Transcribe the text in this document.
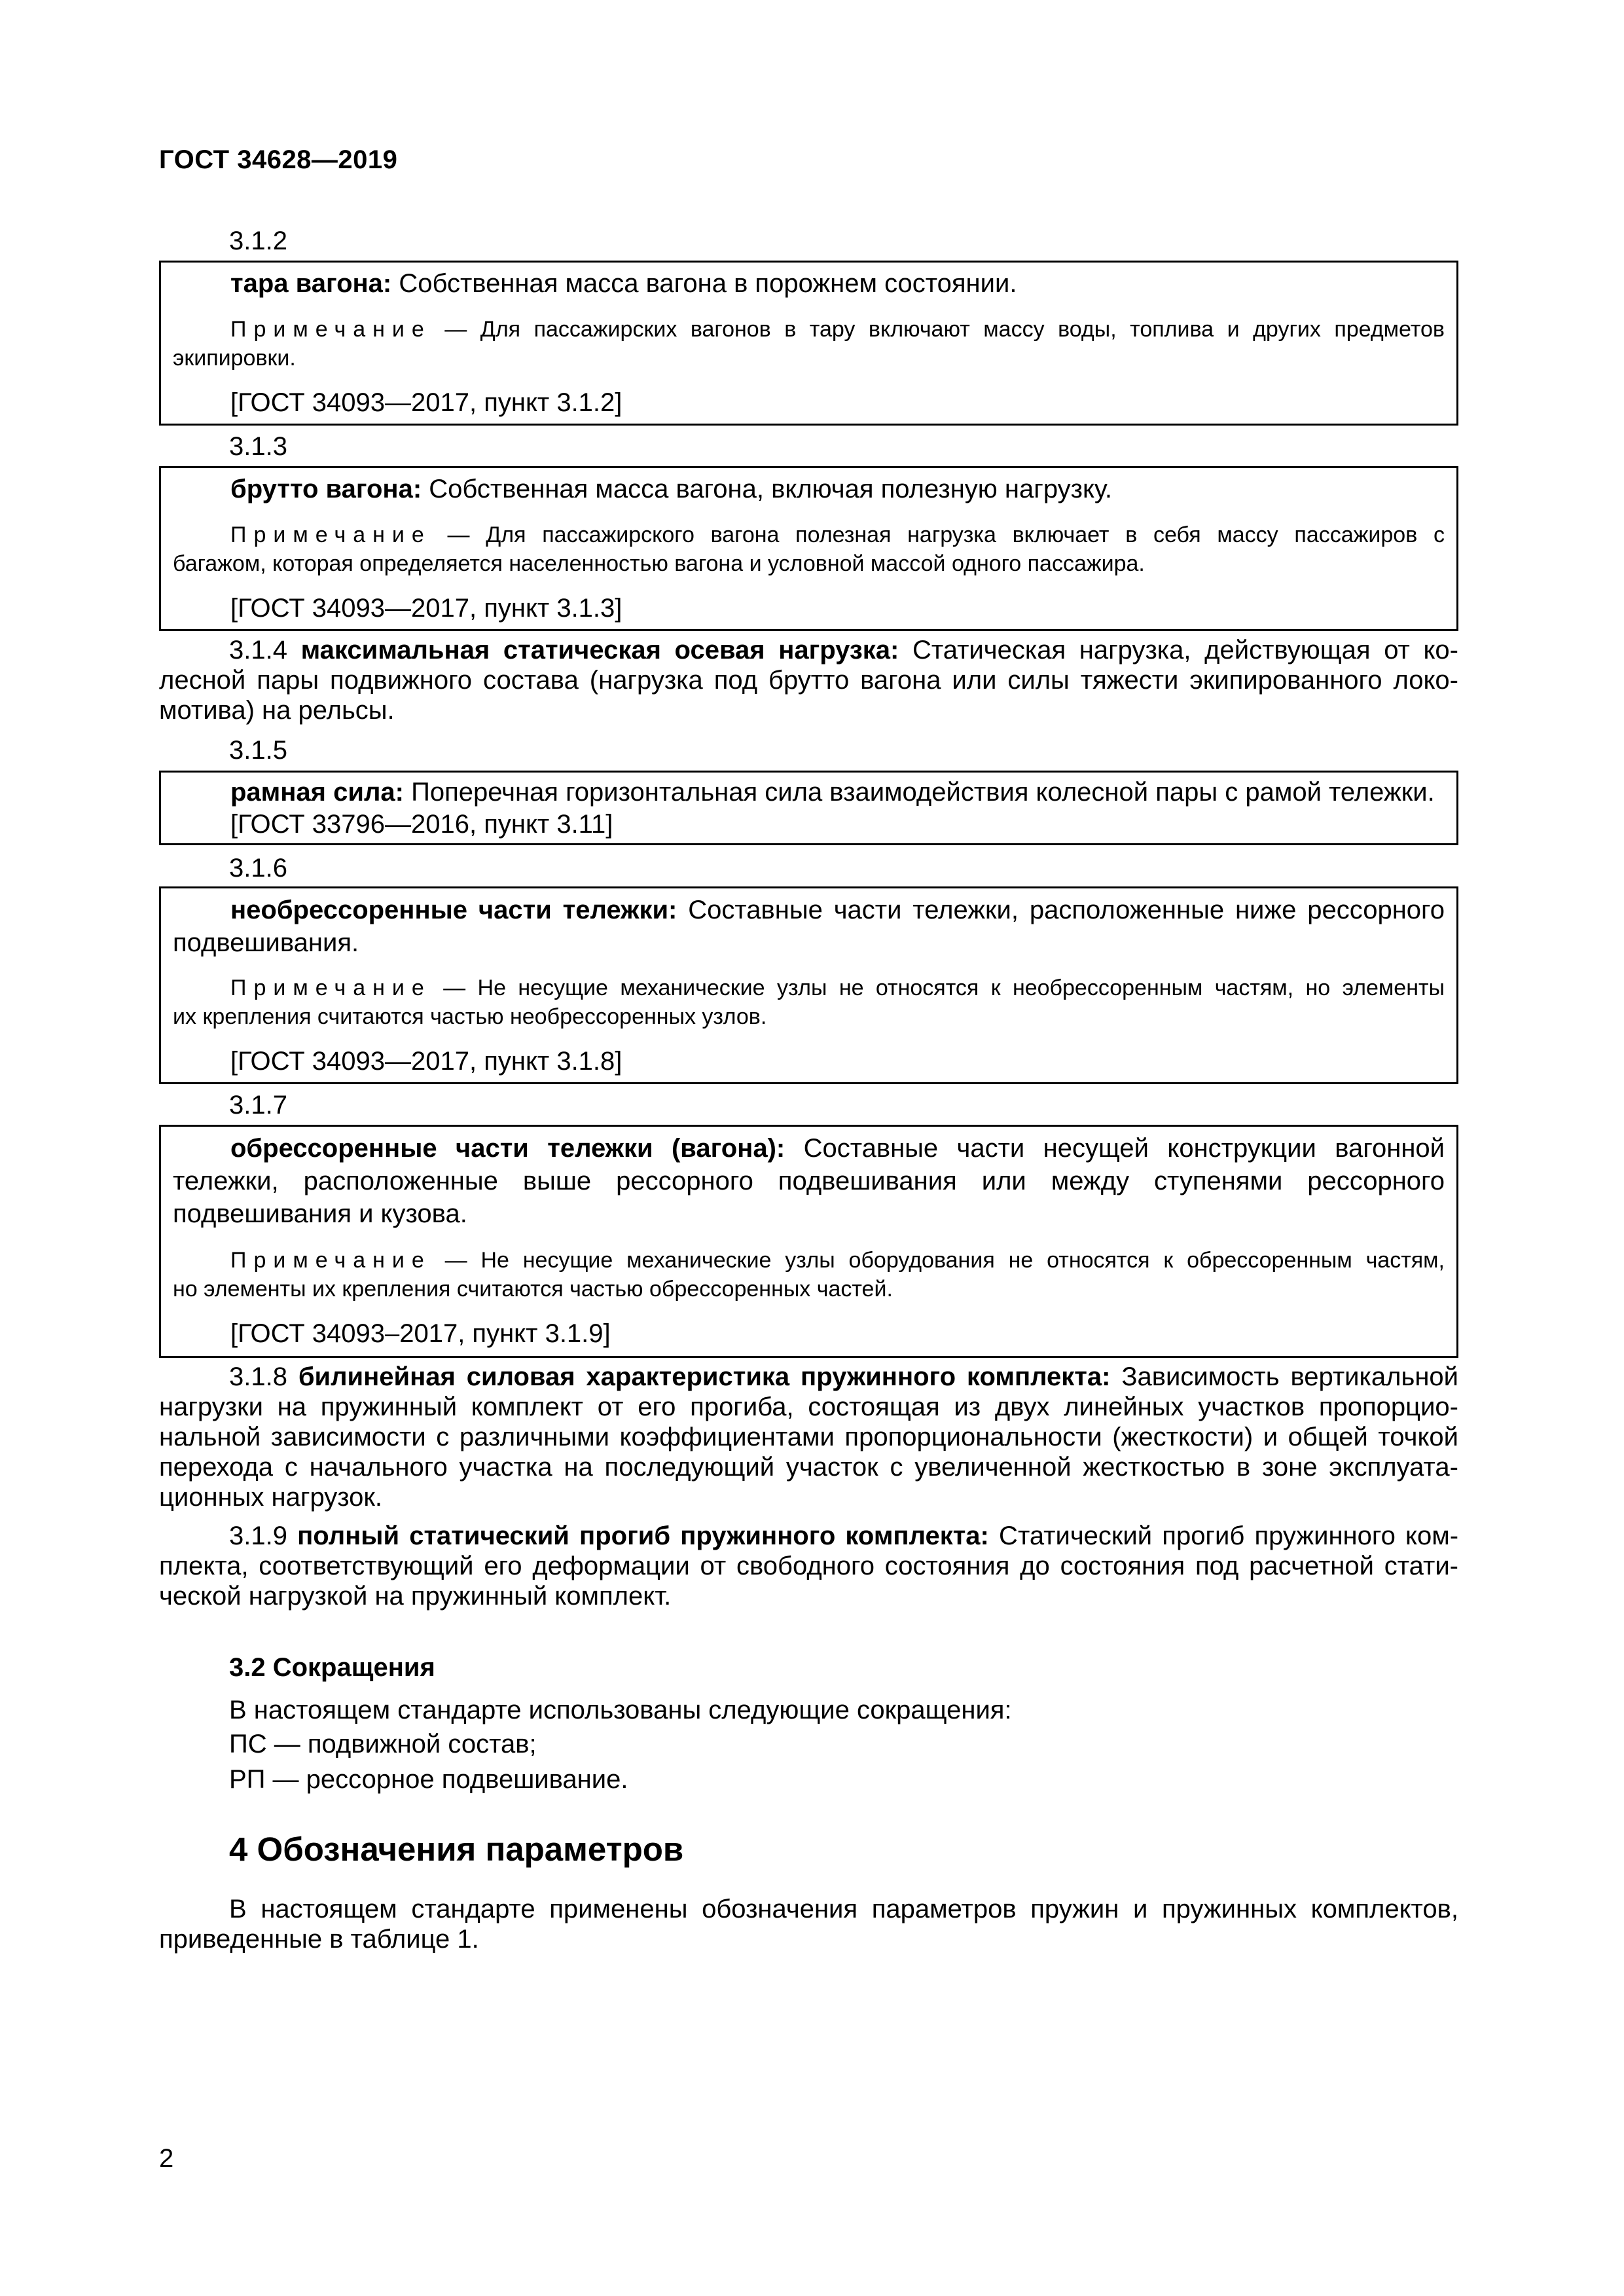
ГОСТ 34628—2019
3.1.2
тара вагона: Собственная масса вагона в порожнем состоянии.
Примечание — Для пассажирских вагонов в тару включают массу воды, топлива и других предметов
экипировки.
[ГОСТ 34093—2017, пункт 3.1.2]
3.1.3
брутто вагона: Собственная масса вагона, включая полезную нагрузку.
Примечание — Для пассажирского вагона полезная нагрузка включает в себя массу пассажиров с
багажом, которая определяется населенностью вагона и условной массой одного пассажира.
[ГОСТ 34093—2017, пункт 3.1.3]
3.1.4 максимальная статическая осевая нагрузка: Статическая нагрузка, действующая от ко-
лесной пары подвижного состава (нагрузка под брутто вагона или силы тяжести экипированного локо-
мотива) на рельсы.
3.1.5
рамная сила: Поперечная горизонтальная сила взаимодействия колесной пары с рамой тележки.
[ГОСТ 33796—2016, пункт 3.11]
3.1.6
необрессоренные части тележки: Составные части тележки, расположенные ниже рессорного
подвешивания.
Примечание — Не несущие механические узлы не относятся к необрессоренным частям, но элементы
их крепления считаются частью необрессоренных узлов.
[ГОСТ 34093—2017, пункт 3.1.8]
3.1.7
обрессоренные части тележки (вагона): Составные части несущей конструкции вагонной
тележки, расположенные выше рессорного подвешивания или между ступенями рессорного
подвешивания и кузова.
Примечание — Не несущие механические узлы оборудования не относятся к обрессоренным частям,
но элементы их крепления считаются частью обрессоренных частей.
[ГОСТ 34093–2017, пункт 3.1.9]
3.1.8 билинейная силовая характеристика пружинного комплекта: Зависимость вертикальной
нагрузки на пружинный комплект от его прогиба, состоящая из двух линейных участков пропорцио-
нальной зависимости с различными коэффициентами пропорциональности (жесткости) и общей точкой
перехода с начального участка на последующий участок с увеличенной жесткостью в зоне эксплуата-
ционных нагрузок.
3.1.9 полный статический прогиб пружинного комплекта: Статический прогиб пружинного ком-
плекта, соответствующий его деформации от свободного состояния до состояния под расчетной стати-
ческой нагрузкой на пружинный комплект.
3.2 Сокращения
В настоящем стандарте использованы следующие сокращения:
ПС — подвижной состав;
РП — рессорное подвешивание.
4 Обозначения параметров
В настоящем стандарте применены обозначения параметров пружин и пружинных комплектов,
приведенные в таблице 1.
2
